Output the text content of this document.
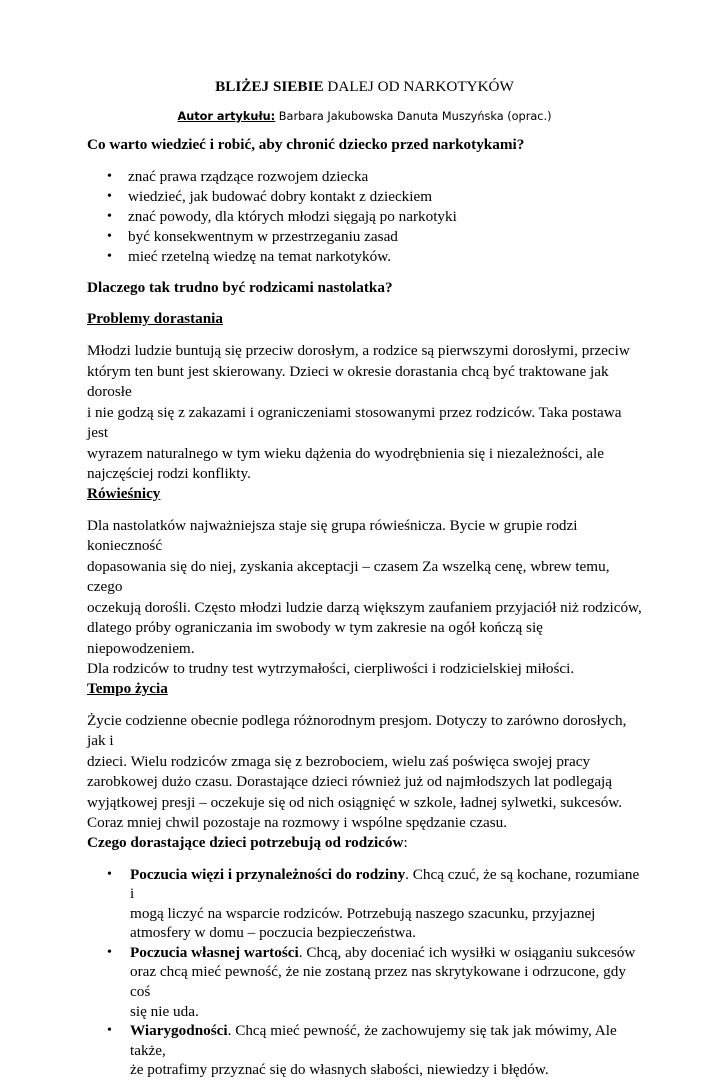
BLIŻEJ SIEBIE DALEJ OD NARKOTYKÓW
Autor artykułu: Barbara Jakubowska Danuta Muszyńska (oprac.)
Co warto wiedzieć i robić, aby chronić dziecko przed narkotykami?
• znać prawa rządzące rozwojem dziecka
• wiedzieć, jak budować dobry kontakt z dzieckiem
• znać powody, dla których młodzi sięgają po narkotyki
• być konsekwentnym w przestrzeganiu zasad
• mieć rzetelną wiedzę na temat narkotyków.
Dlaczego tak trudno być rodzicami nastolatka?
Problemy dorastania

Młodzi ludzie buntują się przeciw dorosłym, a rodzice są pierwszymi dorosłymi, przeciw
którym ten bunt jest skierowany. Dzieci w okresie dorastania chcą być traktowane jak dorosłe
i nie godzą się z zakazami i ograniczeniami stosowanymi przez rodziców. Taka postawa jest
wyrazem naturalnego w tym wieku dążenia do wyodrębnienia się i niezależności, ale
najczęściej rodzi konflikty.

Rówieśnicy

Dla nastolatków najważniejsza staje się grupa rówieśnicza. Bycie w grupie rodzi konieczność
dopasowania się do niej, zyskania akceptacji – czasem Za wszelką cenę, wbrew temu, czego
oczekują dorośli. Często młodzi ludzie darzą większym zaufaniem przyjaciół niż rodziców,
dlatego próby ograniczania im swobody w tym zakresie na ogół kończą się niepowodzeniem.
Dla rodziców to trudny test wytrzymałości, cierpliwości i rodzicielskiej miłości.

Tempo życia

Życie codzienne obecnie podlega różnorodnym presjom. Dotyczy to zarówno dorosłych, jak i
dzieci. Wielu rodziców zmaga się z bezrobociem, wielu zaś poświęca swojej pracy
zarobkowej dużo czasu. Dorastające dzieci również już od najmłodszych lat podlegają
wyjątkowej presji – oczekuje się od nich osiągnięć w szkole, ładnej sylwetki, sukcesów.
Coraz mniej chwil pozostaje na rozmowy i wspólne spędzanie czasu.

Czego dorastające dzieci potrzebują od rodziców:
• Poczucia więzi i przynależności do rodziny. Chcą czuć, że są kochane, rozumiane i
mogą liczyć na wsparcie rodziców. Potrzebują naszego szacunku, przyjaznej
atmosfery w domu – poczucia bezpieczeństwa.
• Poczucia własnej wartości. Chcą, aby doceniać ich wysiłki w osiąganiu sukcesów
oraz chcą mieć pewność, że nie zostaną przez nas skrytykowane i odrzucone, gdy coś
się nie uda.
• Wiarygodności. Chcą mieć pewność, że zachowujemy się tak jak mówimy, Ale także,
że potrafimy przyznać się do własnych słabości, niewiedzy i błędów.
